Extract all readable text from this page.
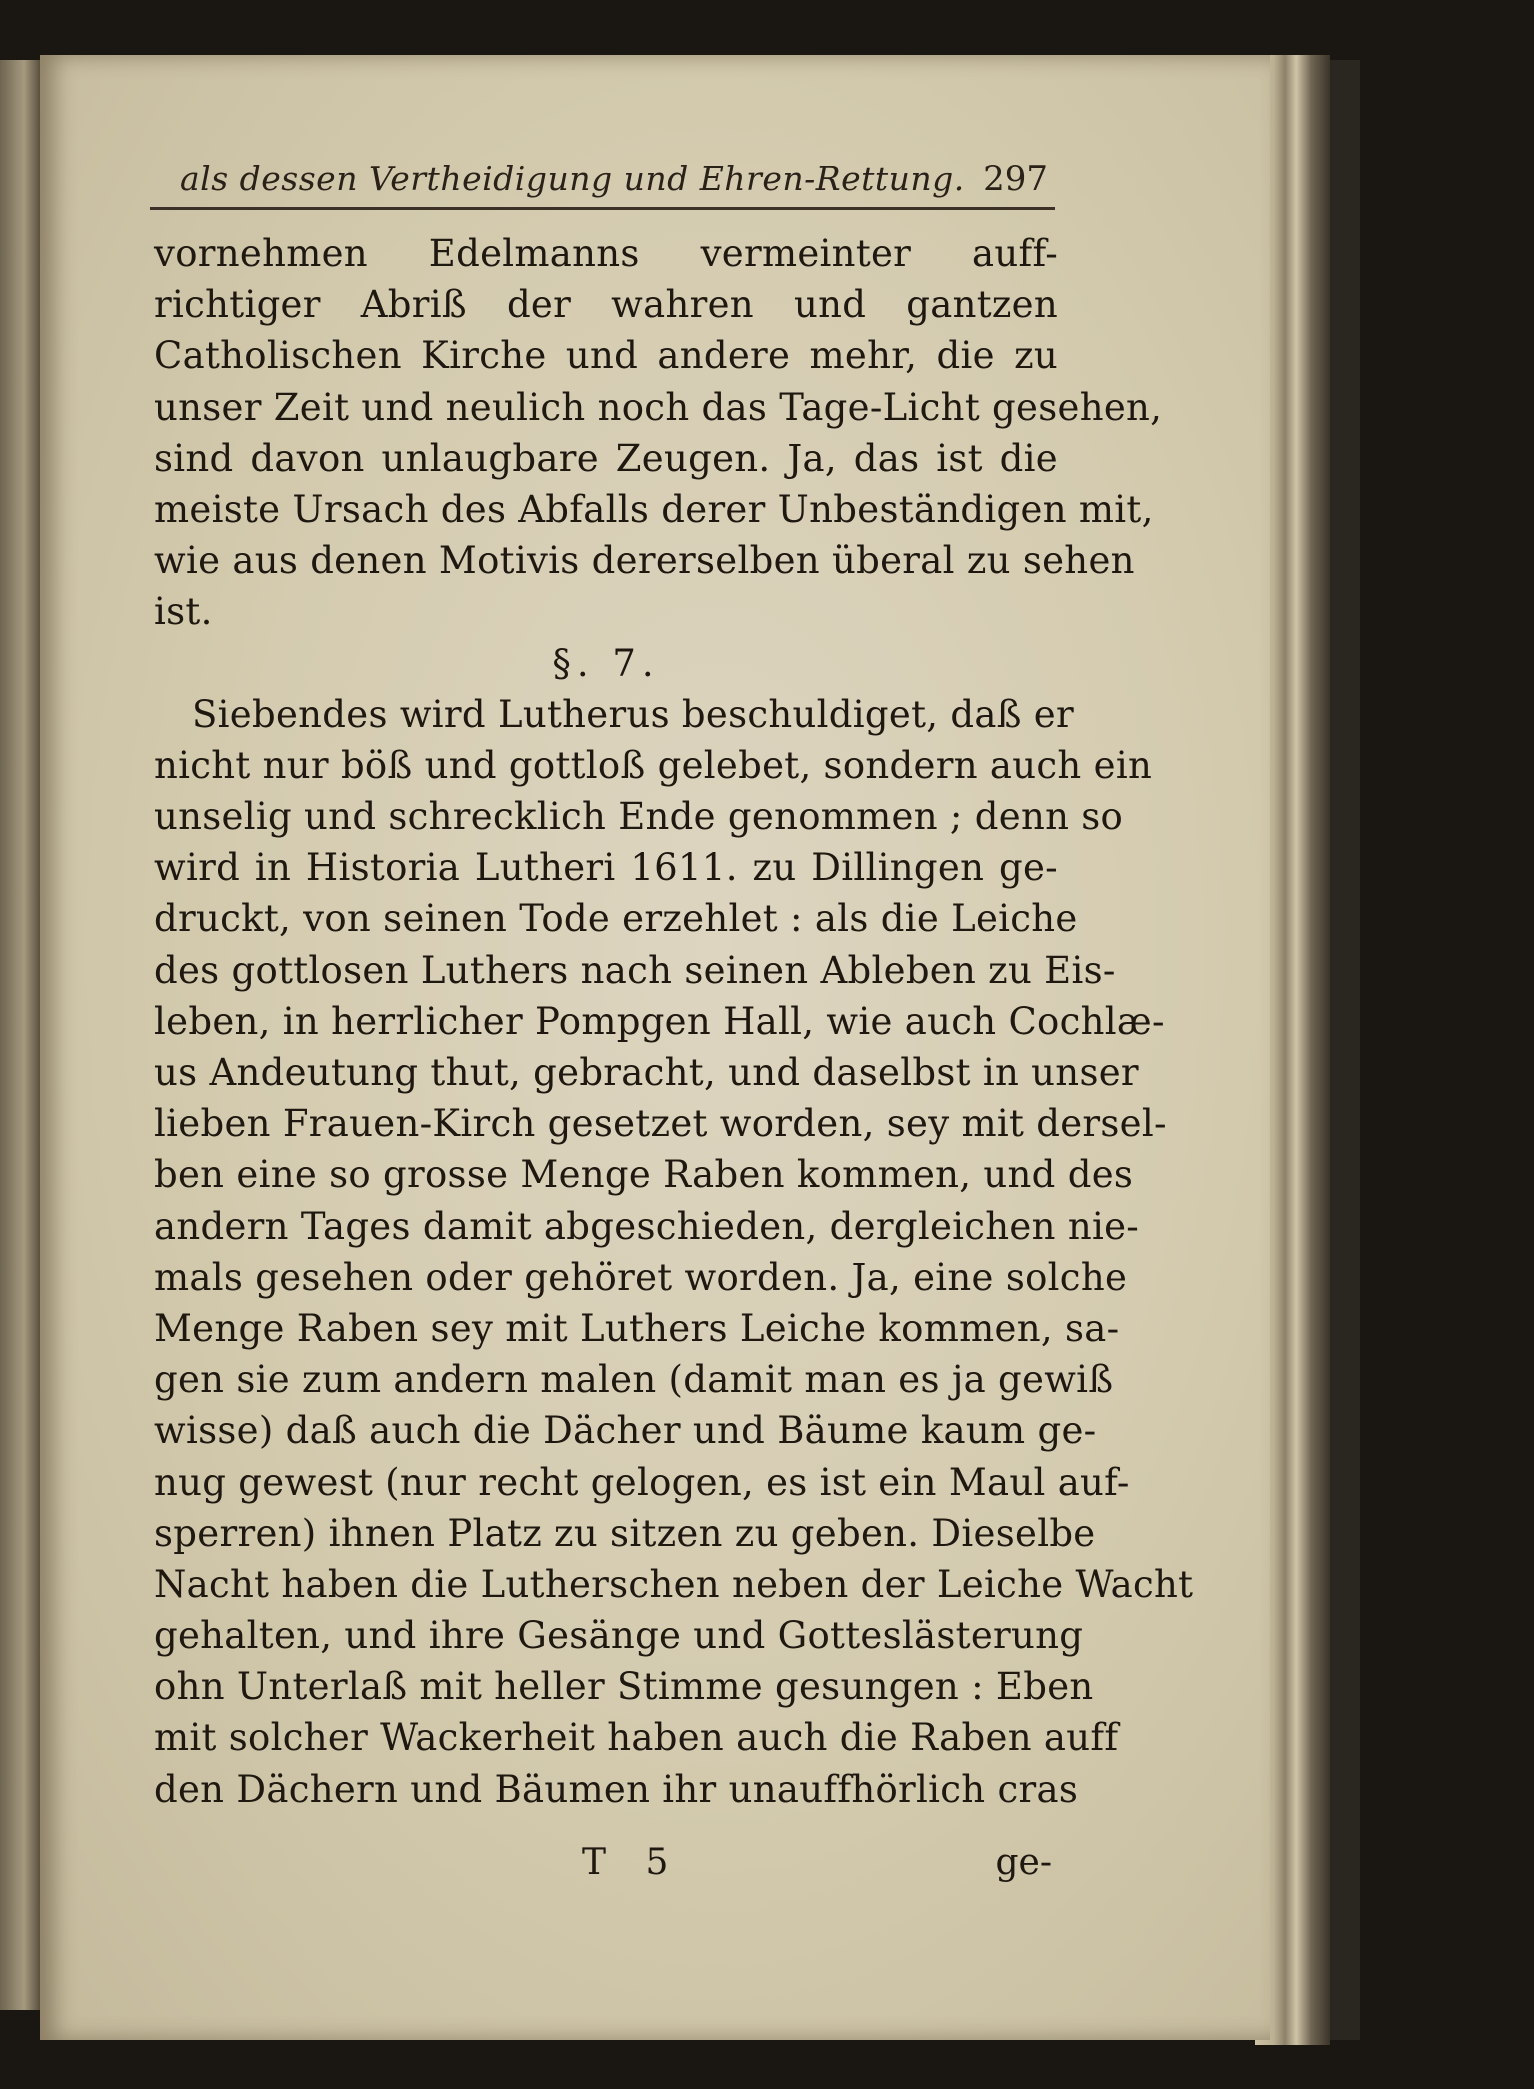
als dessen Vertheidigung und Ehren-Rettung. 297
vornehmen Edelmanns vermeinter auff-
richtiger Abriß der wahren und gantzen
Catholischen Kirche und andere mehr, die zu
unser Zeit und neulich noch das Tage-Licht gesehen,
sind davon unlaugbare Zeugen. Ja, das ist die
meiste Ursach des Abfalls derer Unbeständigen mit,
wie aus denen Motivis dererselben überal zu sehen
ist.
§. 7.
Siebendes wird Lutherus beschuldiget, daß er
nicht nur böß und gottloß gelebet, sondern auch ein
unselig und schrecklich Ende genommen ; denn so
wird in Historia Lutheri 1611. zu Dillingen ge-
druckt, von seinen Tode erzehlet : als die Leiche
des gottlosen Luthers nach seinen Ableben zu Eis-
leben, in herrlicher Pompgen Hall, wie auch Cochlæ-
us Andeutung thut, gebracht, und daselbst in unser
lieben Frauen-Kirch gesetzet worden, sey mit dersel-
ben eine so grosse Menge Raben kommen, und des
andern Tages damit abgeschieden, dergleichen nie-
mals gesehen oder gehöret worden. Ja, eine solche
Menge Raben sey mit Luthers Leiche kommen, sa-
gen sie zum andern malen (damit man es ja gewiß
wisse) daß auch die Dächer und Bäume kaum ge-
nug gewest (nur recht gelogen, es ist ein Maul auf-
sperren) ihnen Platz zu sitzen zu geben. Dieselbe
Nacht haben die Lutherschen neben der Leiche Wacht
gehalten, und ihre Gesänge und Gotteslästerung
ohn Unterlaß mit heller Stimme gesungen : Eben
mit solcher Wackerheit haben auch die Raben auff
den Dächern und Bäumen ihr unauffhörlich cras
T 5	ge-
